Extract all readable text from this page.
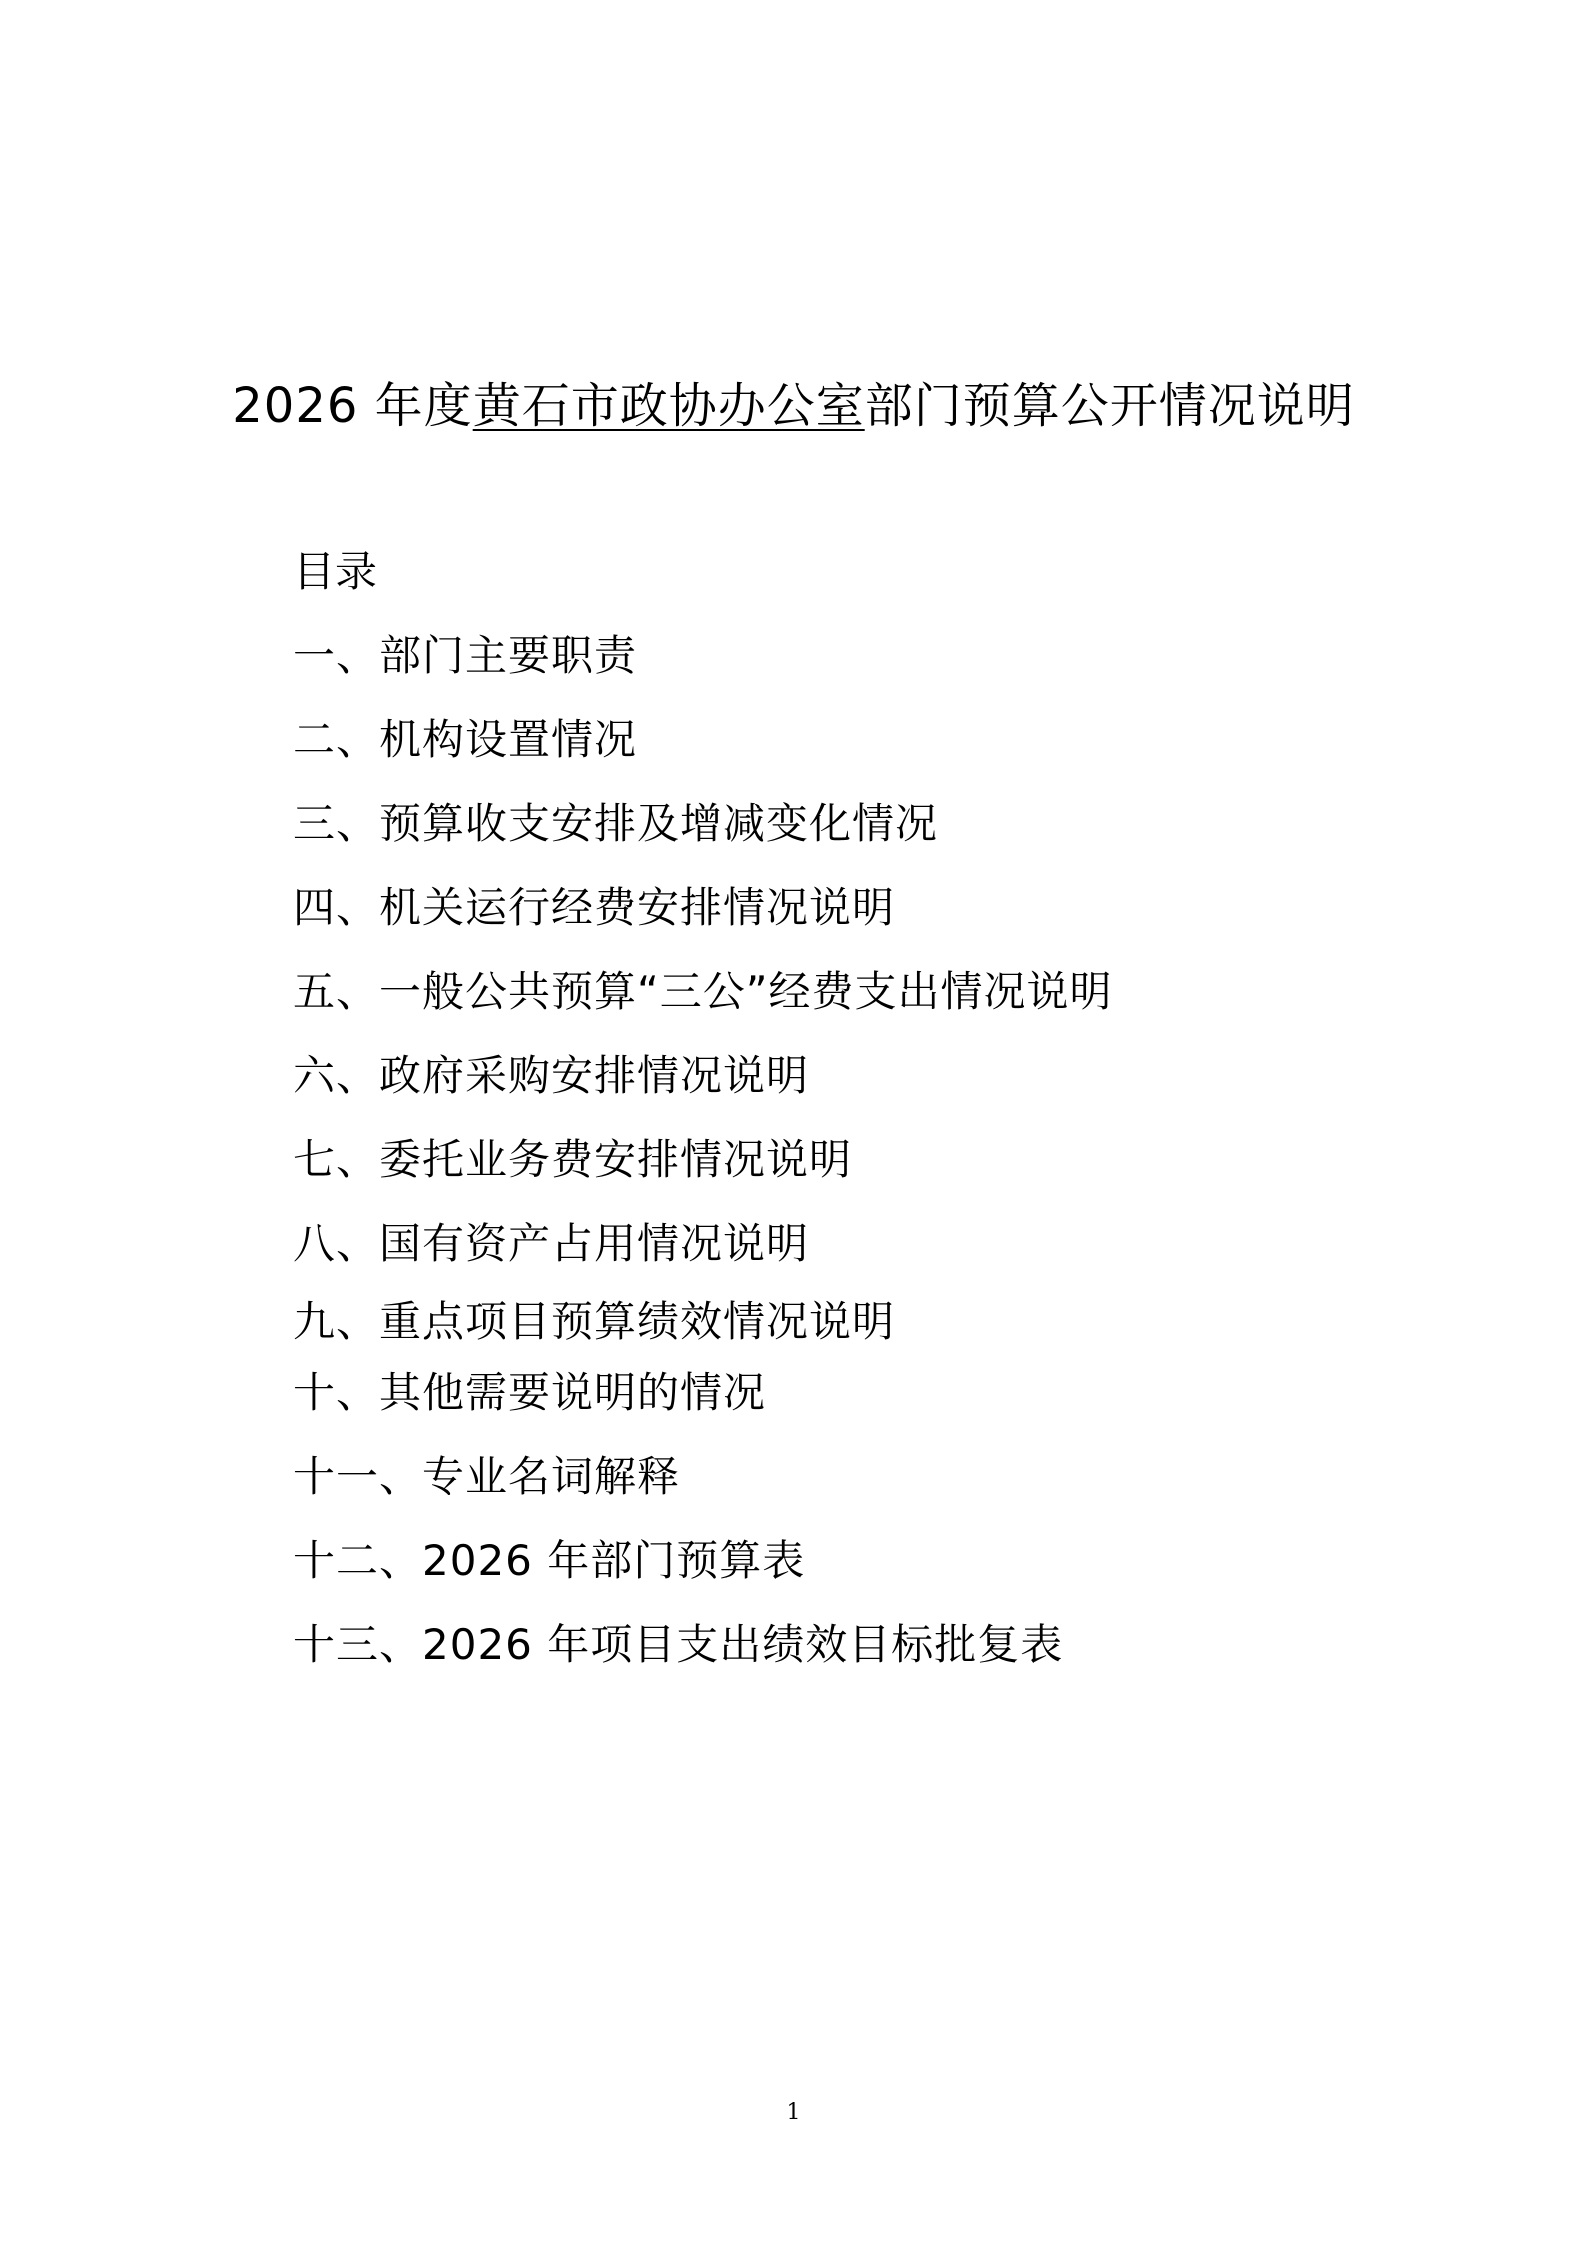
2026 年度黄石市政协办公室部门预算公开情况说明
目录
一、部门主要职责
二、机构设置情况
三、预算收支安排及增减变化情况
四、机关运行经费安排情况说明
五、一般公共预算“三公”经费支出情况说明
六、政府采购安排情况说明
七、委托业务费安排情况说明
八、国有资产占用情况说明
九、重点项目预算绩效情况说明
十、其他需要说明的情况
十一、专业名词解释
十二、2026 年部门预算表
十三、2026 年项目支出绩效目标批复表
1
